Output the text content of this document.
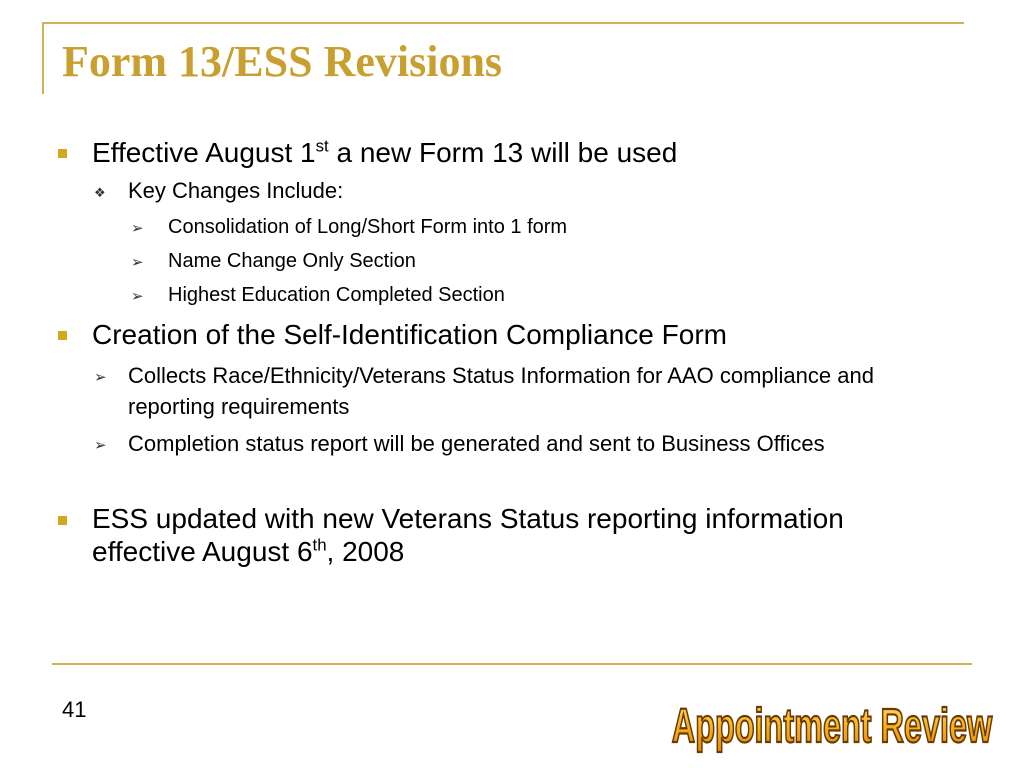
Form 13/ESS Revisions
Effective August 1st a new Form 13 will be used
❖ Key Changes Include:
➢ Consolidation of Long/Short Form into 1 form
➢ Name Change Only Section
➢ Highest Education Completed Section
Creation of the Self-Identification Compliance Form
➢ Collects Race/Ethnicity/Veterans Status Information for AAO compliance and reporting requirements
➢ Completion status report will be generated and sent to Business Offices
ESS updated with new Veterans Status reporting information effective August 6th, 2008
41	Appointment Review
